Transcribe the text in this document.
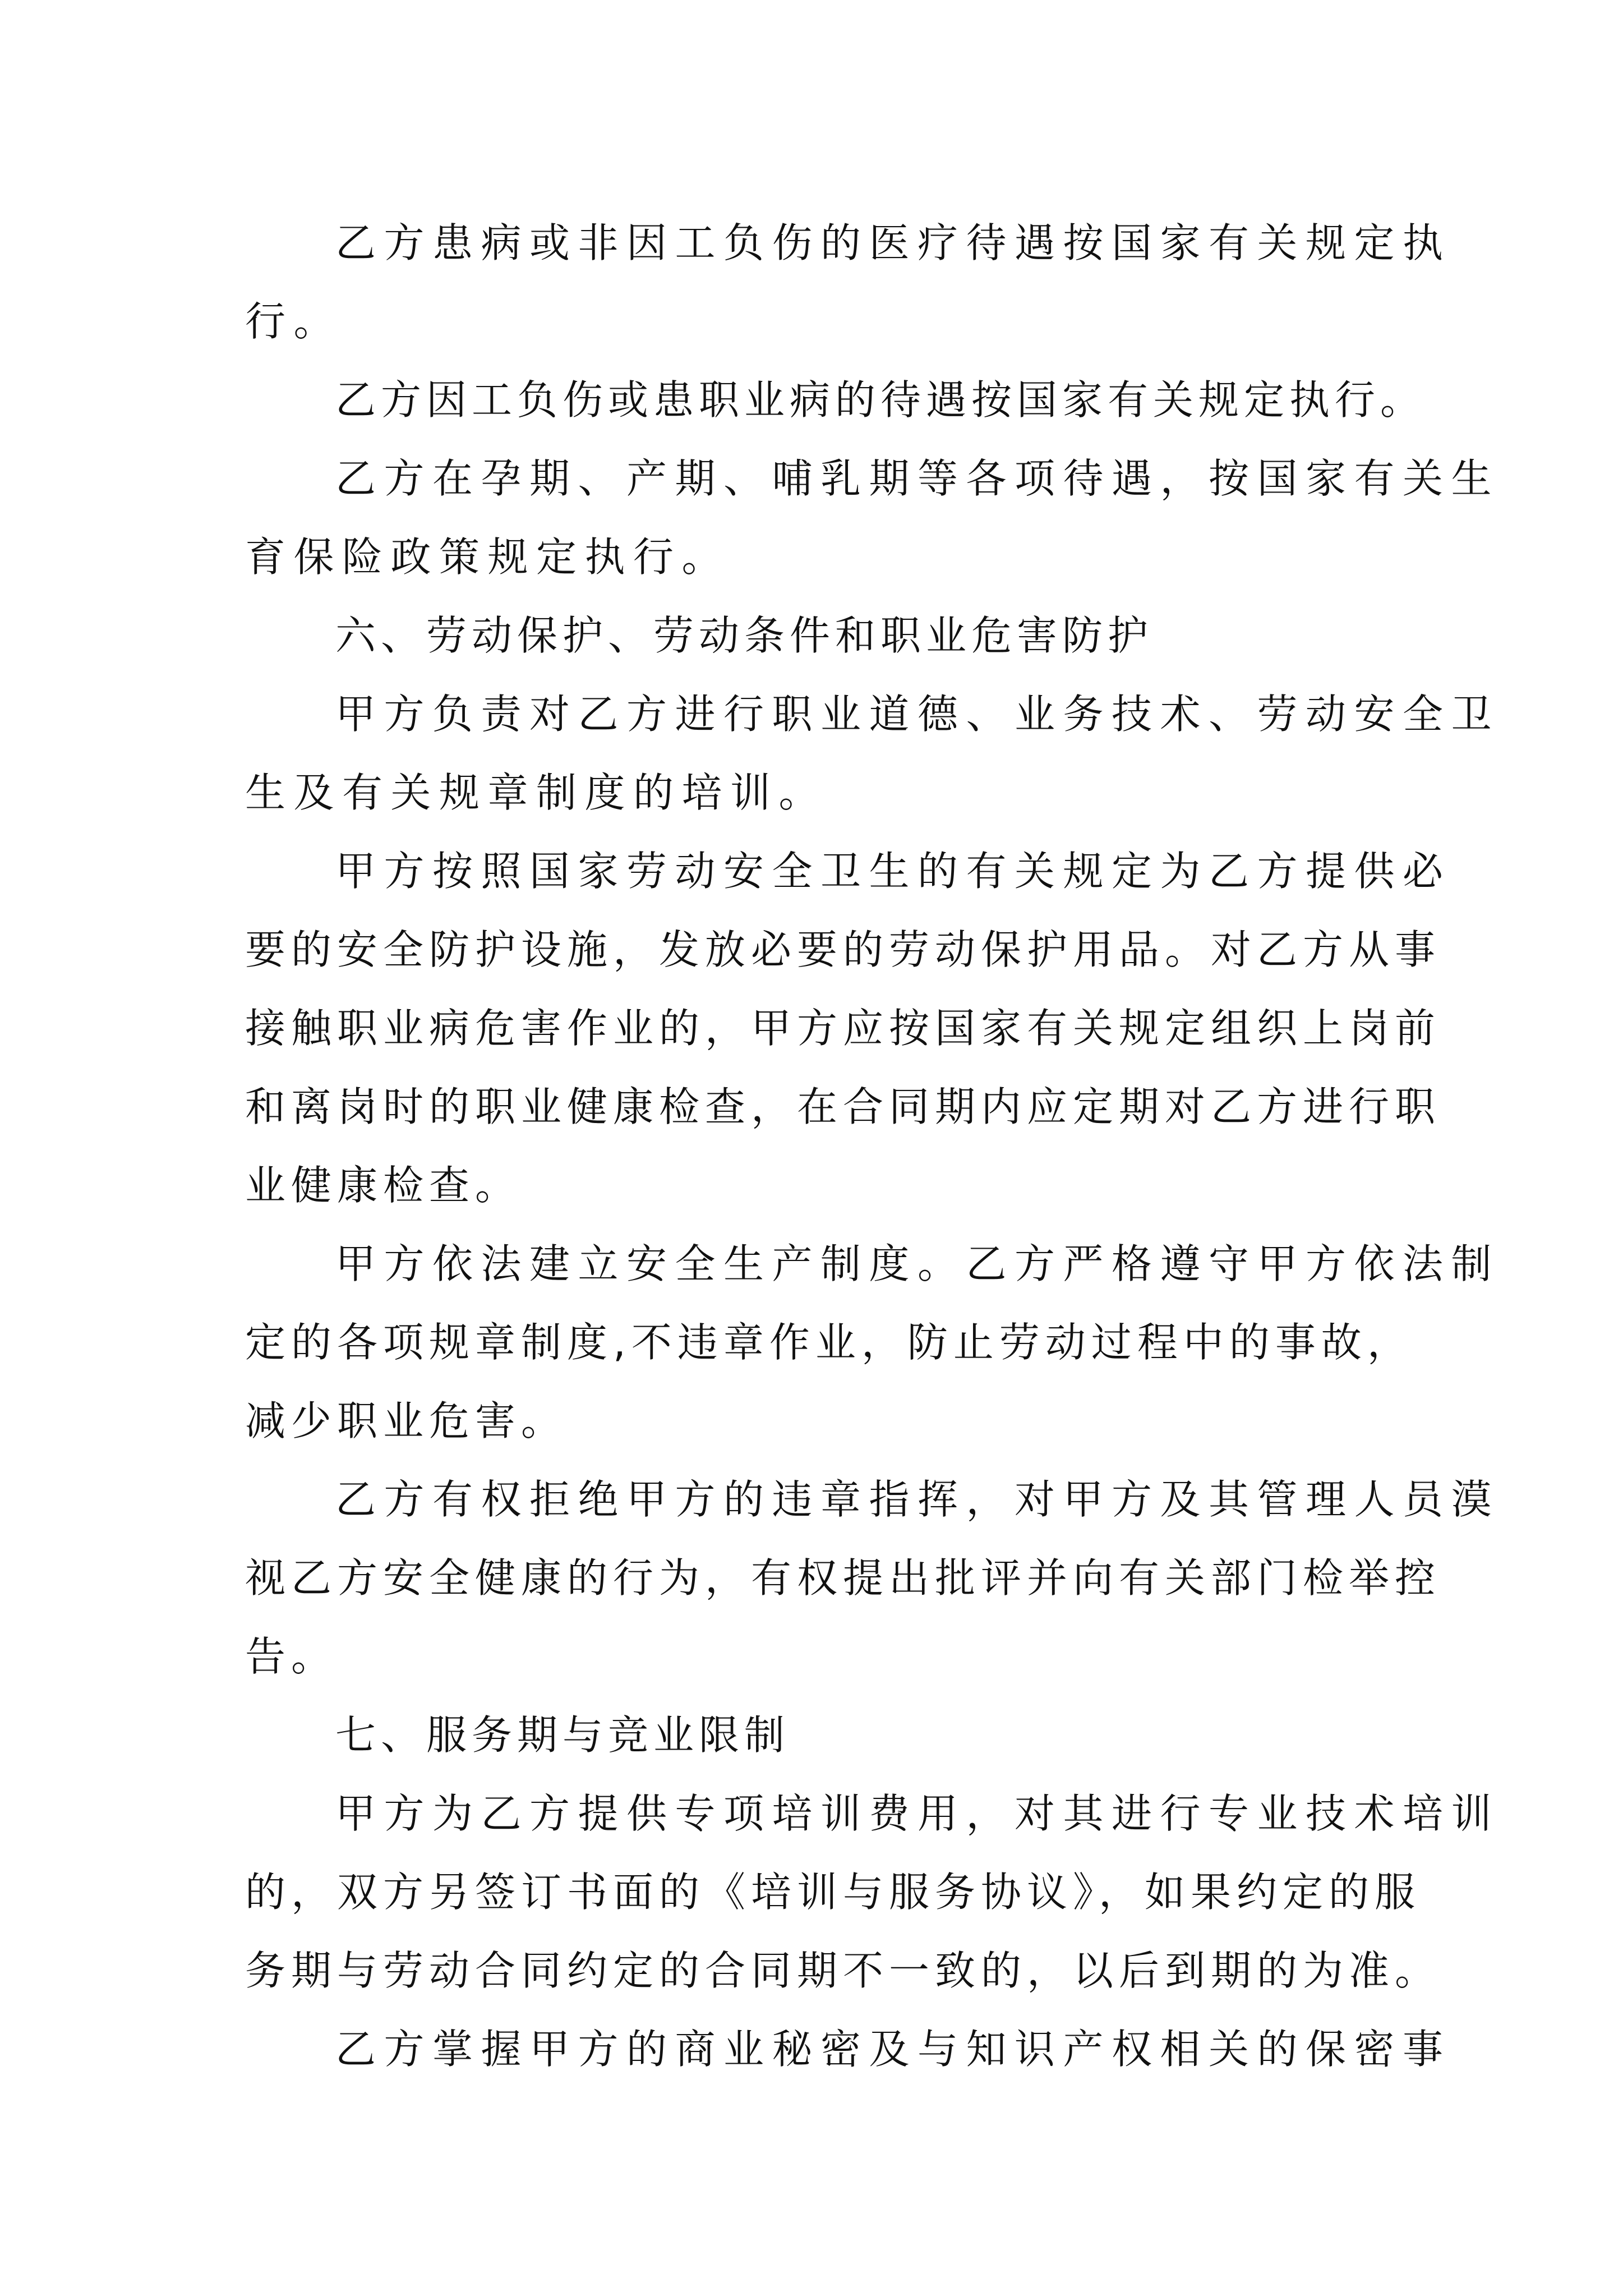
乙方患病或非因工负伤的医疗待遇按国家有关规定执
行。
乙方因工负伤或患职业病的待遇按国家有关规定执行。
乙方在孕期、产期、哺乳期等各项待遇，按国家有关生
育保险政策规定执行。
六、劳动保护、劳动条件和职业危害防护
甲方负责对乙方进行职业道德、业务技术、劳动安全卫
生及有关规章制度的培训。
甲方按照国家劳动安全卫生的有关规定为乙方提供必
要的安全防护设施，发放必要的劳动保护用品。对乙方从事
接触职业病危害作业的，甲方应按国家有关规定组织上岗前
和离岗时的职业健康检查，在合同期内应定期对乙方进行职
业健康检查。
甲方依法建立安全生产制度。乙方严格遵守甲方依法制
定的各项规章制度,不违章作业，防止劳动过程中的事故，
减少职业危害。
乙方有权拒绝甲方的违章指挥，对甲方及其管理人员漠
视乙方安全健康的行为，有权提出批评并向有关部门检举控
告。
七、服务期与竞业限制
甲方为乙方提供专项培训费用，对其进行专业技术培训
的，双方另签订书面的《培训与服务协议》，如果约定的服
务期与劳动合同约定的合同期不一致的，以后到期的为准。
乙方掌握甲方的商业秘密及与知识产权相关的保密事
